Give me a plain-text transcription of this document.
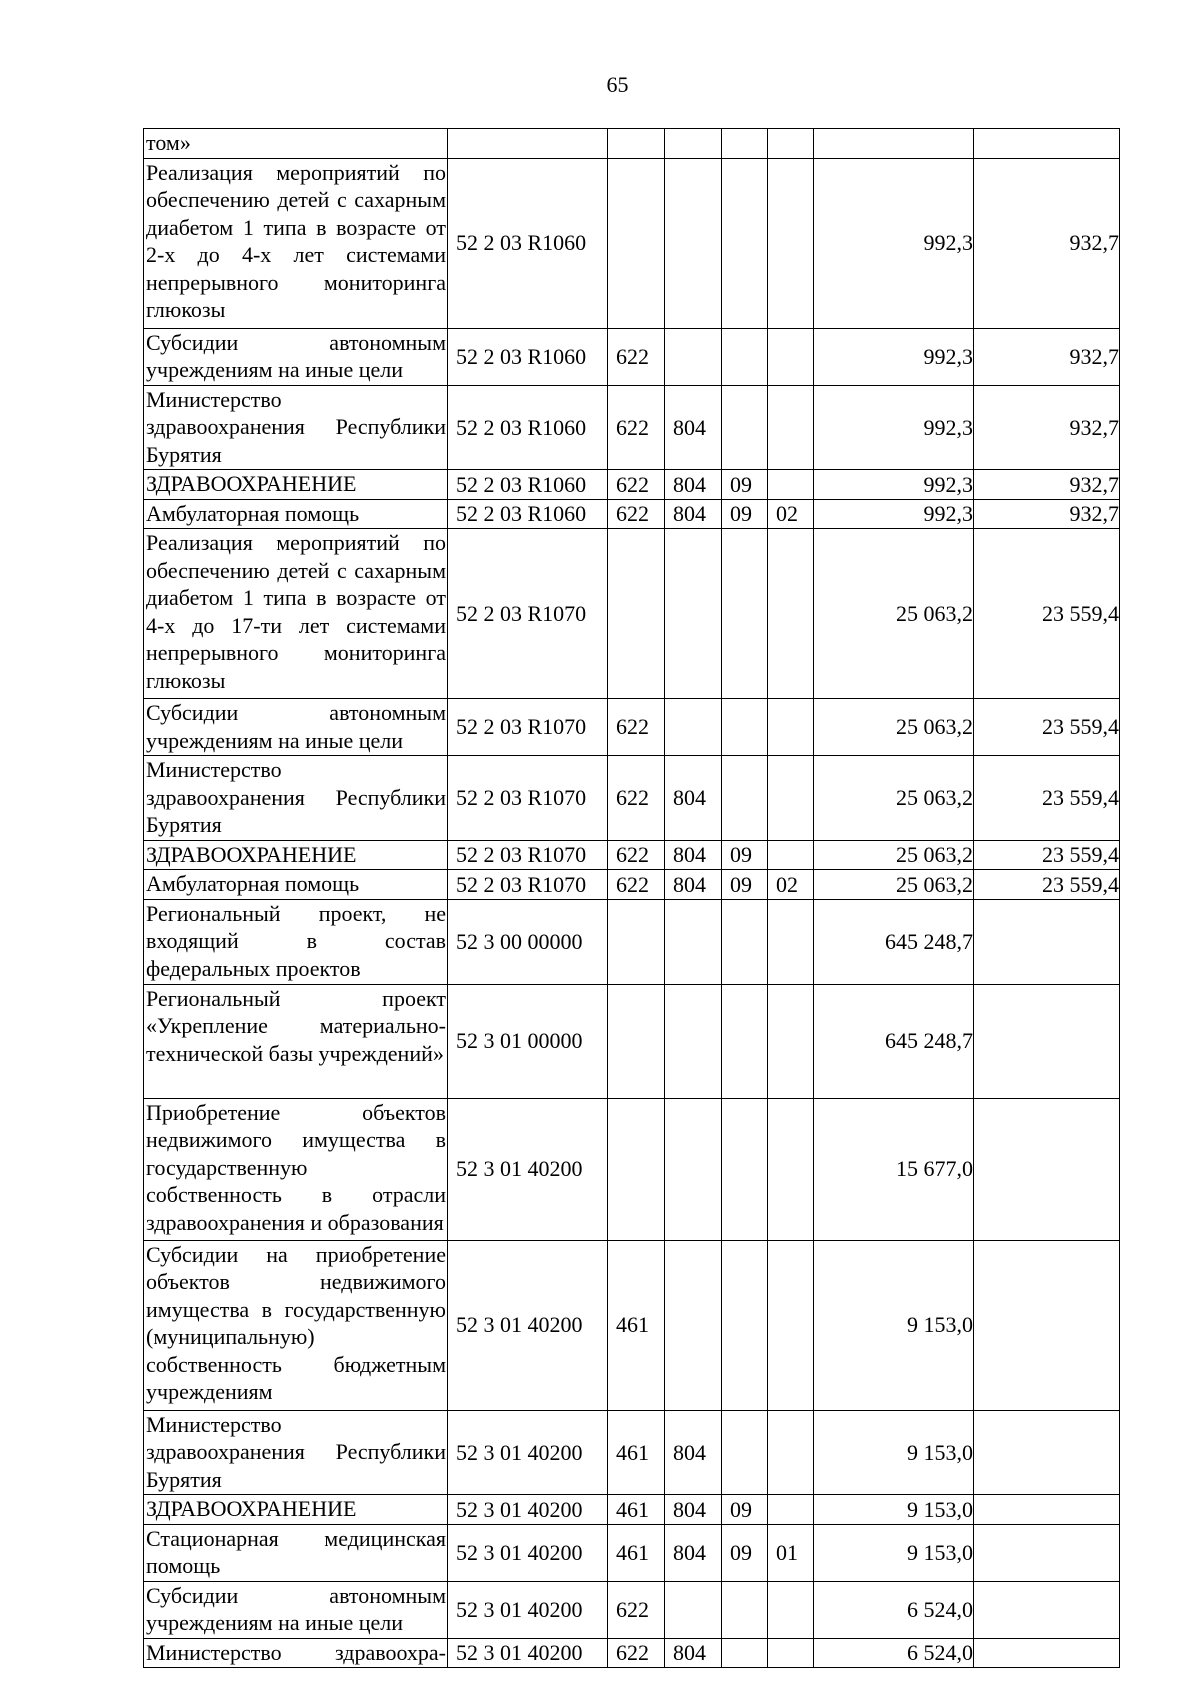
65
том»							
Реализация мероприятий по обеспечению детей с сахарным диабетом 1 типа в возрасте от 2-х до 4-х лет системами непрерывного мониторинга глюкозы	52 2 03 R1060					992,3	932,7
Субсидии автономным учреждениям на иные цели	52 2 03 R1060	622				992,3	932,7
Министерство здравоохранения Республики Бурятия	52 2 03 R1060	622	804			992,3	932,7
ЗДРАВООХРАНЕНИЕ	52 2 03 R1060	622	804	09		992,3	932,7
Амбулаторная помощь	52 2 03 R1060	622	804	09	02	992,3	932,7
Реализация мероприятий по обеспечению детей с сахарным диабетом 1 типа в возрасте от 4-х до 17-ти лет системами непрерывного мониторинга глюкозы	52 2 03 R1070					25 063,2	23 559,4
Субсидии автономным учреждениям на иные цели	52 2 03 R1070	622				25 063,2	23 559,4
Министерство здравоохранения Республики Бурятия	52 2 03 R1070	622	804			25 063,2	23 559,4
ЗДРАВООХРАНЕНИЕ	52 2 03 R1070	622	804	09		25 063,2	23 559,4
Амбулаторная помощь	52 2 03 R1070	622	804	09	02	25 063,2	23 559,4
Региональный проект, не входящий в состав федеральных проектов	52 3 00 00000					645 248,7	
Региональный проект «Укрепление материально-технической базы учреждений»	52 3 01 00000					645 248,7	
Приобретение объектов недвижимого имущества в государственную собственность в отрасли здравоохранения и образования	52 3 01 40200					15 677,0	
Субсидии на приобретение объектов недвижимого имущества в государственную (муниципальную) собственность бюджетным учреждениям	52 3 01 40200	461				9 153,0	
Министерство здравоохранения Республики Бурятия	52 3 01 40200	461	804			9 153,0	
ЗДРАВООХРАНЕНИЕ	52 3 01 40200	461	804	09		9 153,0	
Стационарная медицинская помощь	52 3 01 40200	461	804	09	01	9 153,0	
Субсидии автономным учреждениям на иные цели	52 3 01 40200	622				6 524,0	
Министерство здравоохра-	52 3 01 40200	622	804			6 524,0	
